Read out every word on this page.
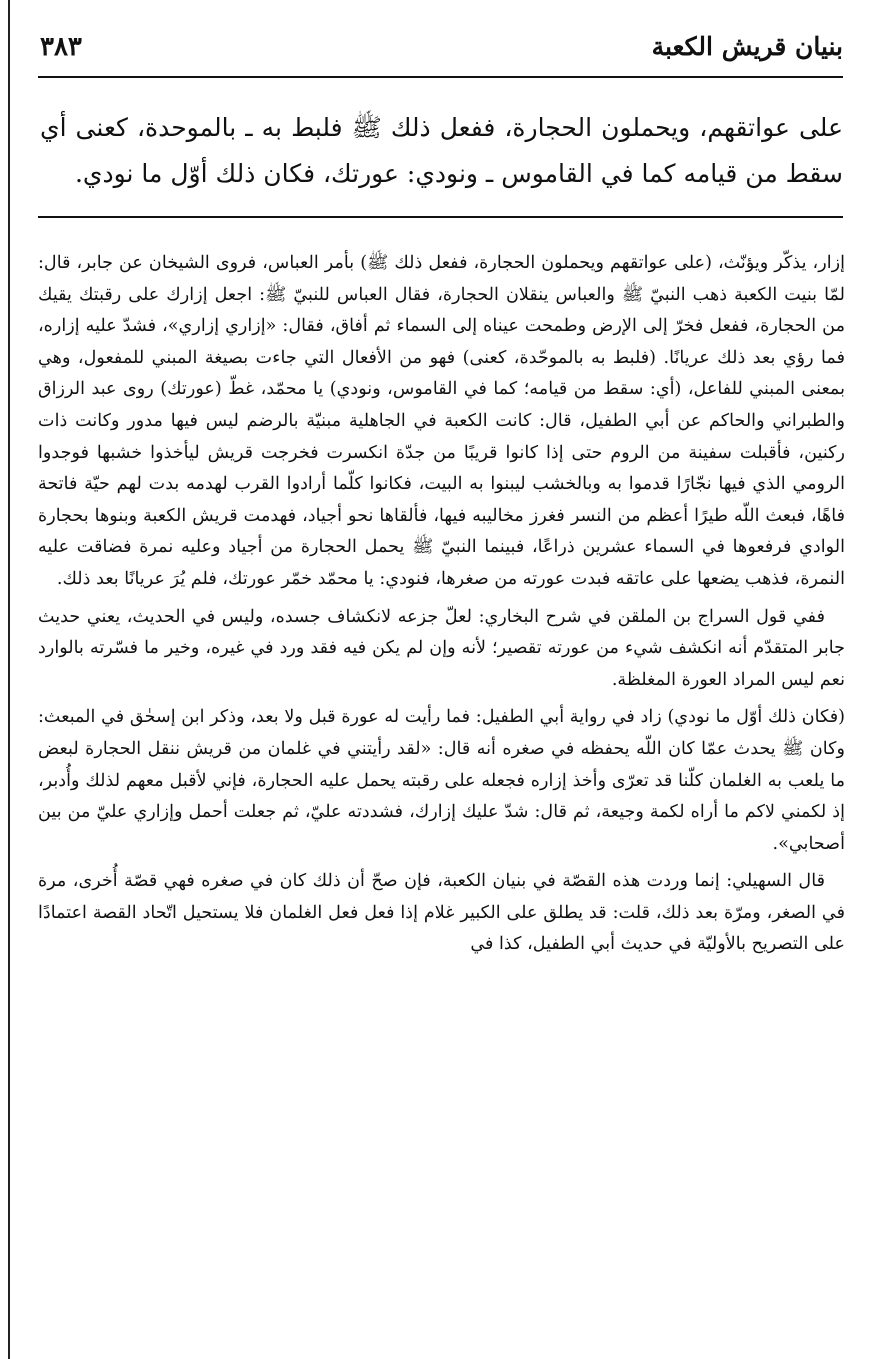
بنيان قريش الكعبة
٣٨٣

على عواتقهم، ويحملون الحجارة، ففعل ذلك ﷺ فلبط به ـ بالموحدة، كعنى أي سقط من قيامه كما في القاموس ـ ونودي: عورتك، فكان ذلك أوّل ما نودي.

إزار، يذكّر ويؤنّث، (على عواتقهم ويحملون الحجارة، ففعل ذلك ﷺ) بأمر العباس، فروى الشيخان عن جابر، قال: لمّا بنيت الكعبة ذهب النبيّ ﷺ والعباس ينقلان الحجارة، فقال العباس للنبيّ ﷺ: اجعل إزارك على رقبتك يقيك من الحجارة، ففعل فخرّ إلى الإرض وطمحت عيناه إلى السماء ثم أفاق، فقال: «إزاري إزاري»، فشدّ عليه إزاره، فما رؤي بعد ذلك عريانًا. (فلبط به بالموحّدة، كعنى) فهو من الأفعال التي جاءت بصيغة المبني للمفعول، وهي بمعنى المبني للفاعل، (أي: سقط من قيامه؛ كما في القاموس، ونودي) يا محمّد، غطّ (عورتك) روى عبد الرزاق والطبراني والحاكم عن أبي الطفيل، قال: كانت الكعبة في الجاهلية مبنيّة بالرضم ليس فيها مدور وكانت ذات ركنين، فأقبلت سفينة من الروم حتى إذا كانوا قريبًا من جدّة انكسرت فخرجت قريش ليأخذوا خشبها فوجدوا الرومي الذي فيها نجّارًا قدموا به وبالخشب ليبنوا به البيت، فكانوا كلّما أرادوا القرب لهدمه بدت لهم حيّة فاتحة فاهًا، فبعث اللّه طيرًا أعظم من النسر فغرز مخاليبه فيها، فألقاها نحو أجياد، فهدمت قريش الكعبة وبنوها بحجارة الوادي فرفعوها في السماء عشرين ذراعًا، فبينما النبيّ ﷺ يحمل الحجارة من أجياد وعليه نمرة فضاقت عليه النمرة، فذهب يضعها على عاتقه فبدت عورته من صغرها، فنودي: يا محمّد خمّر عورتك، فلم يُرَ عريانًا بعد ذلك.

ففي قول السراج بن الملقن في شرح البخاري: لعلّ جزعه لانكشاف جسده، وليس في الحديث، يعني حديث جابر المتقدّم أنه انكشف شيء من عورته تقصير؛ لأنه وإن لم يكن فيه فقد ورد في غيره، وخير ما فسّرته بالوارد نعم ليس المراد العورة المغلظة.

(فكان ذلك أوّل ما نودي) زاد في رواية أبي الطفيل: فما رأيت له عورة قبل ولا بعد، وذكر ابن إسحٰق في المبعث: وكان ﷺ يحدث عمّا كان اللّه يحفظه في صغره أنه قال: «لقد رأيتني في غلمان من قريش ننقل الحجارة لبعض ما يلعب به الغلمان كلّنا قد تعرّى وأخذ إزاره فجعله على رقبته يحمل عليه الحجارة، فإني لأقبل معهم لذلك وأُدبر، إذ لكمني لاكم ما أراه لكمة وجيعة، ثم قال: شدّ عليك إزارك، فشددته عليّ، ثم جعلت أحمل وإزاري عليّ من بين أصحابي».

قال السهيلي: إنما وردت هذه القصّة في بنيان الكعبة، فإن صحّ أن ذلك كان في صغره فهي قصّة أُخرى، مرة في الصغر، ومرّة بعد ذلك، قلت: قد يطلق على الكبير غلام إذا فعل فعل الغلمان فلا يستحيل اتّحاد القصة اعتمادًا على التصريح بالأوليّة في حديث أبي الطفيل، كذا في
